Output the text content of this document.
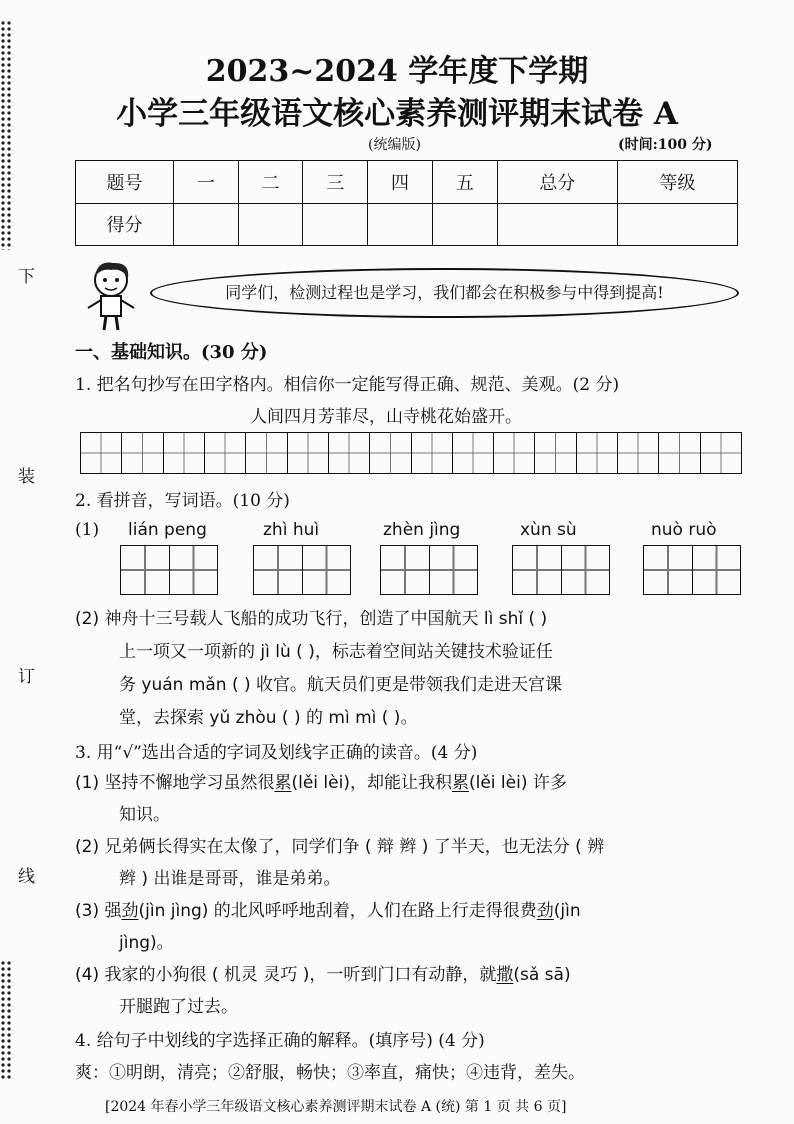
下
装
订
线
2023~2024 学年度下学期
小学三年级语文核心素养测评期末试卷 A
(统编版)	(时间:100 分)
题号	一	二	三	四	五	总分	等级
得分							
同学们，检测过程也是学习，我们都会在积极参与中得到提高!
一、基础知识。(30 分)
1. 把名句抄写在田字格内。相信你一定能写得正确、规范、美观。(2 分)
人间四月芳菲尽，山寺桃花始盛开。
2. 看拼音，写词语。(10 分)
(1) lián peng	zhì huì	zhèn jìng	xùn sù	nuò ruò
(2) 神舟十三号载人飞船的成功飞行，创造了中国航天 lì shǐ ( )
上一项又一项新的 jì lù ( )，标志着空间站关键技术验证任
务 yuán mǎn ( ) 收官。航天员们更是带领我们走进天宫课
堂，去探索 yǔ zhòu ( ) 的 mì mì ( )。
3. 用“√”选出合适的字词及划线字正确的读音。(4 分)
(1) 坚持不懈地学习虽然很累(lěi lèi)，却能让我积累(lěi lèi) 许多
知识。
(2) 兄弟俩长得实在太像了，同学们争 ( 辩 辫 ) 了半天，也无法分 ( 辨
辫 ) 出谁是哥哥，谁是弟弟。
(3) 强劲(jìn jìng) 的北风呼呼地刮着，人们在路上行走得很费劲(jìn
jìng)。
(4) 我家的小狗很 ( 机灵 灵巧 )，一听到门口有动静，就撒(sǎ sā)
开腿跑了过去。
4. 给句子中划线的字选择正确的解释。(填序号) (4 分)
爽：①明朗，清亮；②舒服，畅快；③率直，痛快；④违背，差失。
[2024 年春小学三年级语文核心素养测评期末试卷 A (统) 第 1 页 共 6 页]
